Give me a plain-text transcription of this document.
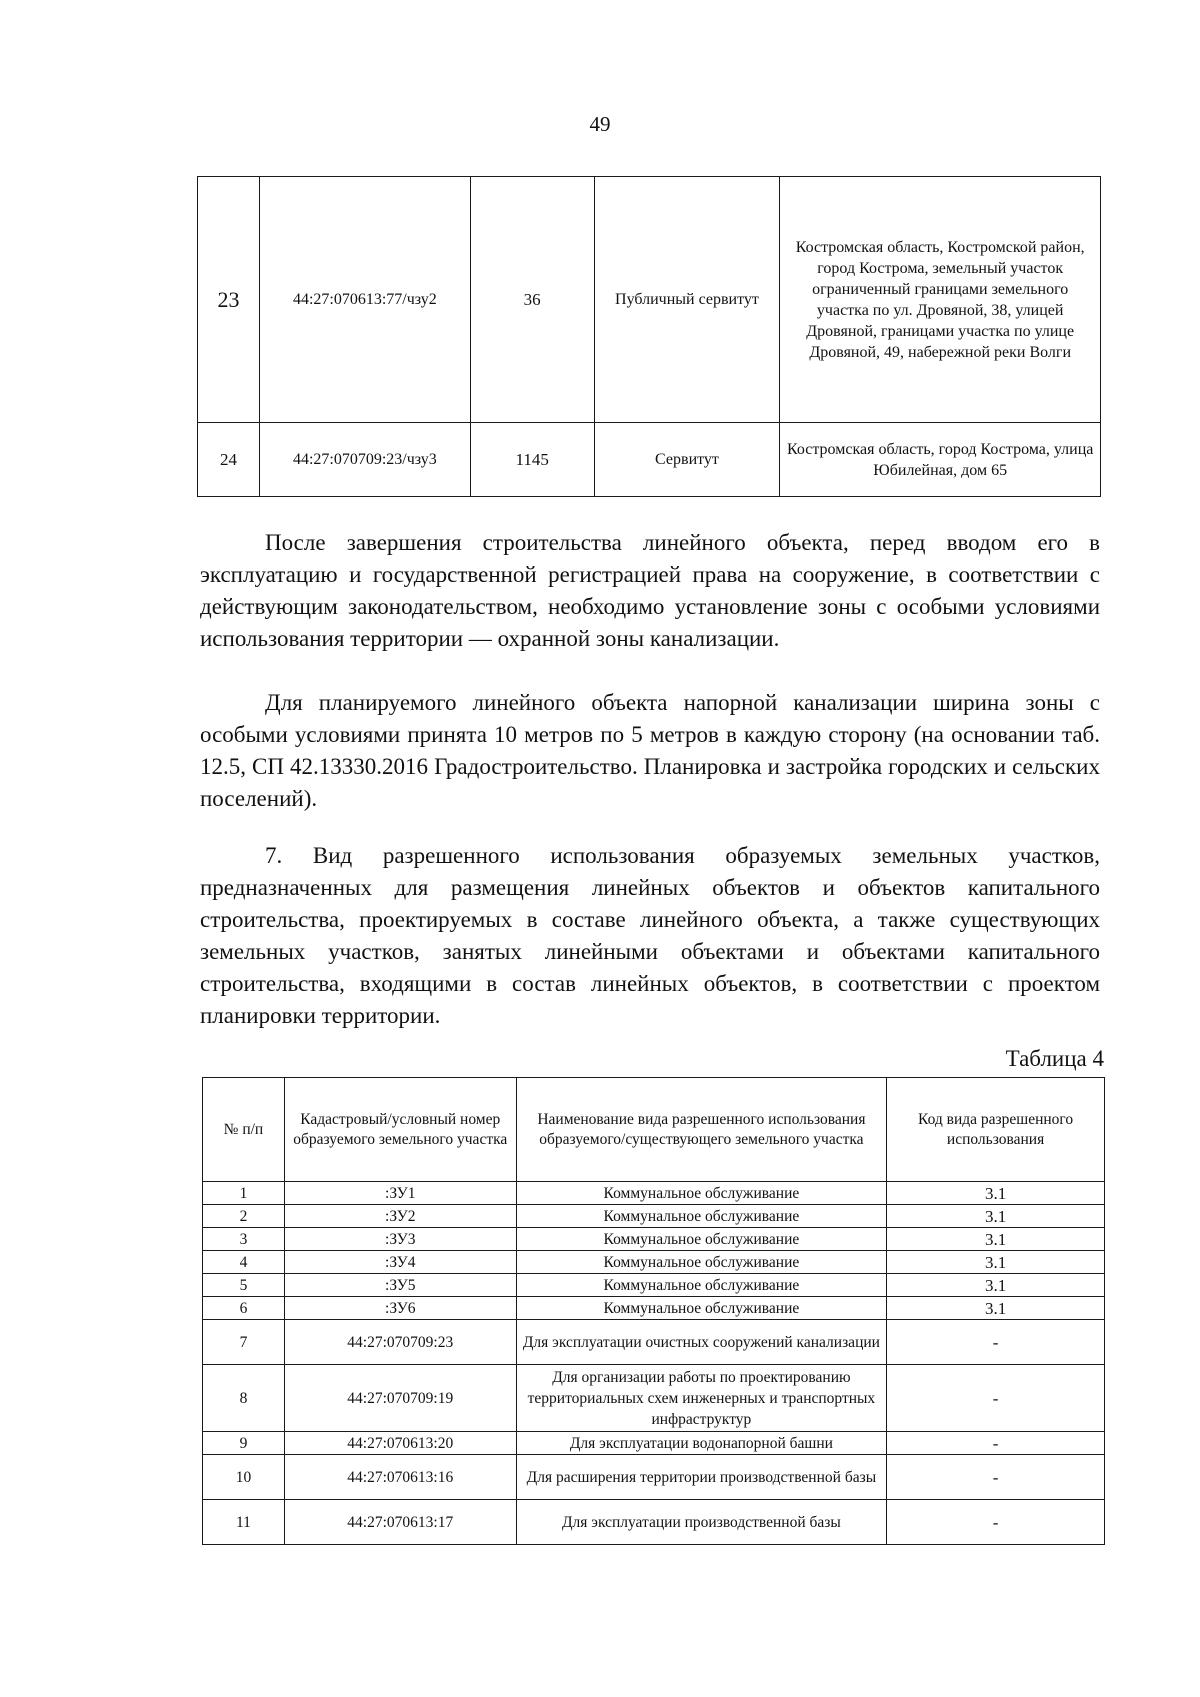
49
23	44:27:070613:77/чзу2	36	Публичный сервитут	Костромская область, Костромской район, город Кострома, земельный участок ограниченный границами земельного участка по ул. Дровяной, 38, улицей Дровяной, границами участка по улице Дровяной, 49, набережной реки Волги
24	44:27:070709:23/чзу3	1145	Сервитут	Костромская область, город Кострома, улица Юбилейная, дом 65

После завершения строительства линейного объекта, перед вводом его в эксплуатацию и государственной регистрацией права на сооружение, в соответствии с действующим законодательством, необходимо установление зоны с особыми условиями использования территории — охранной зоны канализации.

Для планируемого линейного объекта напорной канализации ширина зоны с особыми условиями принята 10 метров по 5 метров в каждую сторону (на основании таб. 12.5, СП 42.13330.2016 Градостроительство. Планировка и застройка городских и сельских поселений).

7. Вид разрешенного использования образуемых земельных участков, предназначенных для размещения линейных объектов и объектов капитального строительства, проектируемых в составе линейного объекта, а также существующих земельных участков, занятых линейными объектами и объектами капитального строительства, входящими в состав линейных объектов, в соответствии с проектом планировки территории.

Таблица 4
№ п/п	Кадастровый/условный номер образуемого земельного участка	Наименование вида разрешенного использования образуемого/существующего земельного участка	Код вида разрешенного использования
1	:ЗУ1	Коммунальное обслуживание	3.1
2	:ЗУ2	Коммунальное обслуживание	3.1
3	:ЗУ3	Коммунальное обслуживание	3.1
4	:ЗУ4	Коммунальное обслуживание	3.1
5	:ЗУ5	Коммунальное обслуживание	3.1
6	:ЗУ6	Коммунальное обслуживание	3.1
7	44:27:070709:23	Для эксплуатации очистных сооружений канализации	-
8	44:27:070709:19	Для организации работы по проектированию территориальных схем инженерных и транспортных инфраструктур	-
9	44:27:070613:20	Для эксплуатации водонапорной башни	-
10	44:27:070613:16	Для расширения территории производственной базы	-
11	44:27:070613:17	Для эксплуатации производственной базы	-
